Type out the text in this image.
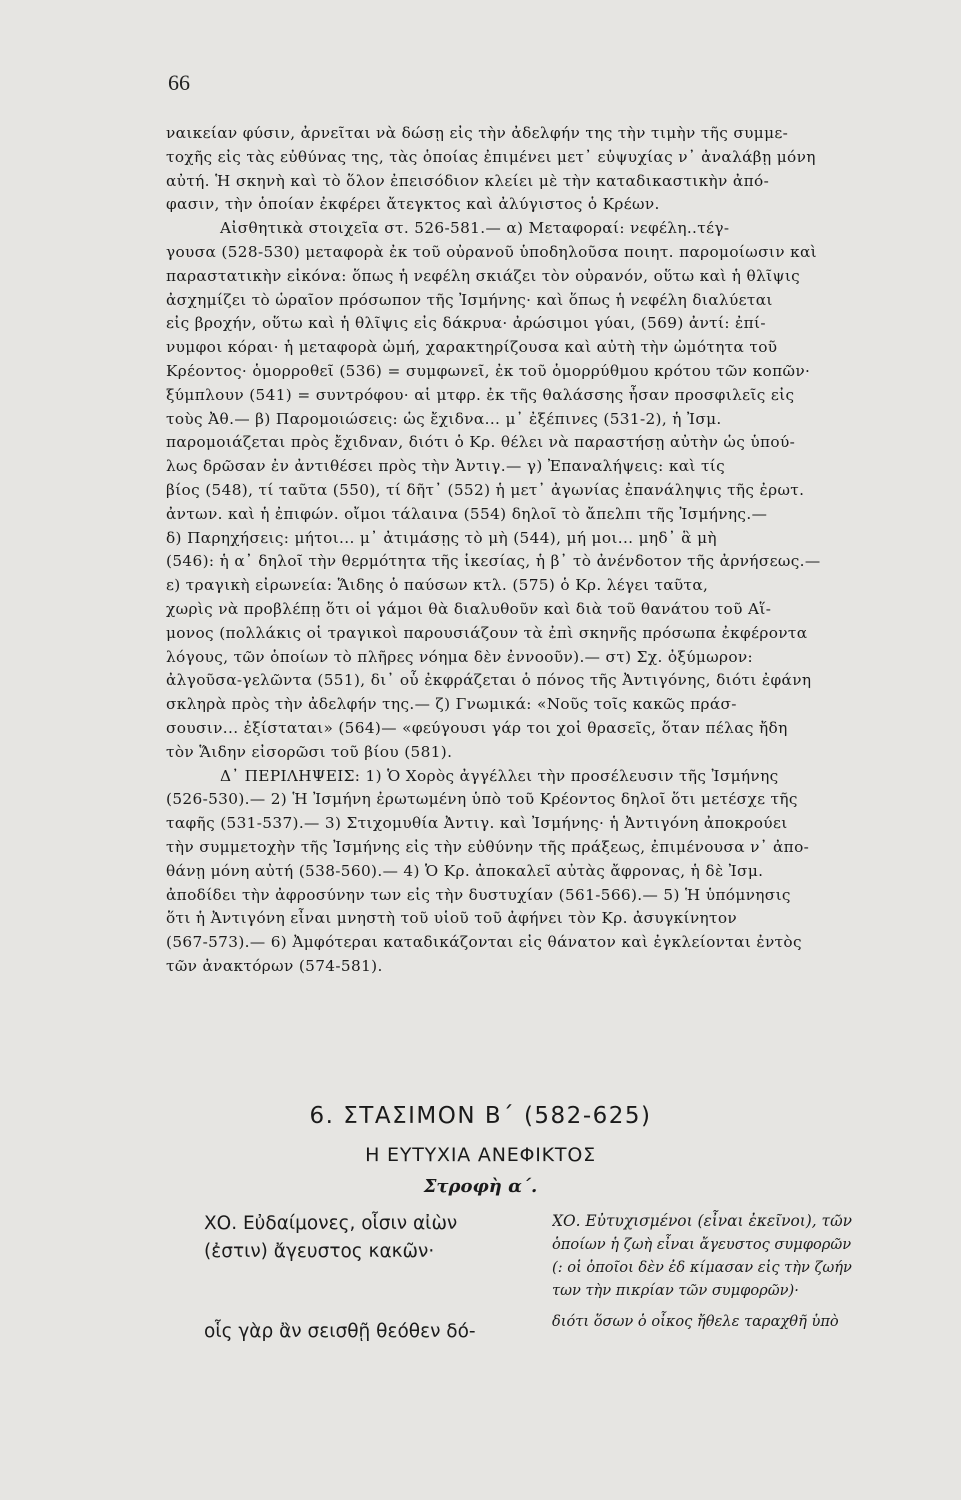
66
ναικείαν φύσιν, ἀρνεῖται νὰ δώσῃ εἰς τὴν ἀδελφήν της τὴν τιμὴν τῆς συμμε-
τοχῆς εἰς τὰς εὐθύνας της, τὰς ὁποίας ἐπιμένει μετ᾽ εὐψυχίας ν᾽ ἀναλάβῃ μόνη
αὐτή. Ἡ σκηνὴ καὶ τὸ ὅλον ἐπεισόδιον κλείει μὲ τὴν καταδικαστικὴν ἀπό-
φασιν, τὴν ὁποίαν ἐκφέρει ἄτεγκτος καὶ ἀλύγιστος ὁ Κρέων.
Αἰσθητικὰ στοιχεῖα στ. 526-581.— α) Μεταφοραί: νεφέλη..τέγ-
γουσα (528-530) μεταφορὰ ἐκ τοῦ οὐρανοῦ ὑποδηλοῦσα ποιητ. παρομοίωσιν καὶ
παραστατικὴν εἰκόνα: ὅπως ἡ νεφέλη σκιάζει τὸν οὐρανόν, οὕτω καὶ ἡ θλῖψις
ἀσχημίζει τὸ ὡραῖον πρόσωπον τῆς Ἰσμήνης· καὶ ὅπως ἡ νεφέλη διαλύεται
εἰς βροχήν, οὕτω καὶ ἡ θλῖψις εἰς δάκρυα· ἀρώσιμοι γύαι, (569) ἀντί: ἐπί-
νυμφοι κόραι· ἡ μεταφορὰ ὠμή, χαρακτηρίζουσα καὶ αὐτὴ τὴν ὠμότητα τοῦ
Κρέοντος· ὁμορροθεῖ (536) = συμφωνεῖ, ἐκ τοῦ ὁμορρύθμου κρότου τῶν κοπῶν·
ξύμπλουν (541) = συντρόφου· αἱ μτφρ. ἐκ τῆς θαλάσσης ἦσαν προσφιλεῖς εἰς
τοὺς Ἀθ.— β) Παρομοιώσεις: ὡς ἔχιδνα... μ᾽ ἐξέπινες (531-2), ἡ Ἰσμ.
παρομοιάζεται πρὸς ἔχιδναν, διότι ὁ Κρ. θέλει νὰ παραστήσῃ αὐτὴν ὡς ὑπού-
λως δρῶσαν ἐν ἀντιθέσει πρὸς τὴν Ἀντιγ.— γ) Ἐπαναλήψεις: καὶ τίς
βίος (548), τί ταῦτα (550), τί δῆτ᾽ (552) ἡ μετ᾽ ἀγωνίας ἐπανάληψις τῆς ἐρωτ.
ἀντων. καὶ ἡ ἐπιφών. οἴμοι τάλαινα (554) δηλοῖ τὸ ἄπελπι τῆς Ἰσμήνης.—
δ) Παρηχήσεις: μήτοι... μ᾽ ἀτιμάσῃς τὸ μὴ (544), μή μοι... μηδ᾽ ἃ μὴ
(546): ἡ α᾽ δηλοῖ τὴν θερμότητα τῆς ἱκεσίας, ἡ β᾽ τὸ ἀνένδοτον τῆς ἀρνήσεως.—
ε) τραγικὴ εἰρωνεία: Ἅιδης ὁ παύσων κτλ. (575) ὁ Κρ. λέγει ταῦτα,
χωρὶς νὰ προβλέπῃ ὅτι οἱ γάμοι θὰ διαλυθοῦν καὶ διὰ τοῦ θανάτου τοῦ Αἵ-
μονος (πολλάκις οἱ τραγικοὶ παρουσιάζουν τὰ ἐπὶ σκηνῆς πρόσωπα ἐκφέροντα
λόγους, τῶν ὁποίων τὸ πλῆρες νόημα δὲν ἐννοοῦν).— στ) Σχ. ὀξύμωρον:
ἀλγοῦσα-γελῶντα (551), δι᾽ οὗ ἐκφράζεται ὁ πόνος τῆς Ἀντιγόνης, διότι ἐφάνη
σκληρὰ πρὸς τὴν ἀδελφήν της.— ζ) Γνωμικά: «Νοῦς τοῖς κακῶς πράσ-
σουσιν... ἐξίσταται» (564)— «φεύγουσι γάρ τοι χοἱ θρασεῖς, ὅταν πέλας ἤδη
τὸν Ἅιδην εἰσορῶσι τοῦ βίου (581).
Δ᾽ ΠΕΡΙΛΗΨΕΙΣ: 1) Ὁ Χορὸς ἀγγέλλει τὴν προσέλευσιν τῆς Ἰσμήνης
(526-530).— 2) Ἡ Ἰσμήνη ἐρωτωμένη ὑπὸ τοῦ Κρέοντος δηλοῖ ὅτι μετέσχε τῆς
ταφῆς (531-537).— 3) Στιχομυθία Ἀντιγ. καὶ Ἰσμήνης· ἡ Ἀντιγόνη ἀποκρούει
τὴν συμμετοχὴν τῆς Ἰσμήνης εἰς τὴν εὐθύνην τῆς πράξεως, ἐπιμένουσα ν᾽ ἀπο-
θάνῃ μόνη αὐτή (538-560).— 4) Ὁ Κρ. ἀποκαλεῖ αὐτὰς ἄφρονας, ἡ δὲ Ἰσμ.
ἀποδίδει τὴν ἀφροσύνην των εἰς τὴν δυστυχίαν (561-566).— 5) Ἡ ὑπόμνησις
ὅτι ἡ Ἀντιγόνη εἶναι μνηστὴ τοῦ υἱοῦ τοῦ ἀφήνει τὸν Κρ. ἀσυγκίνητον
(567-573).— 6) Ἀμφότεραι καταδικάζονται εἰς θάνατον καὶ ἐγκλείονται ἐντὸς
τῶν ἀνακτόρων (574-581).
6. ΣΤΑΣΙΜΟΝ Β΄ (582-625)
Η ΕΥΤΥΧΙΑ ΑΝΕΦΙΚΤΟΣ
Στροφὴ α΄.
ΧΟ. Εὐδαίμονες, οἷσιν αἰὼν
(ἐστιν) ἄγευστος κακῶν·
οἷς γὰρ ἂν σεισθῇ θεόθεν δό-
ΧΟ. Εὐτυχισμένοι (εἶναι ἐκεῖνοι), τῶν
ὁποίων ἡ ζωὴ εἶναι ἄγευστος συμφορῶν
(: οἱ ὁποῖοι δὲν ἐδ κίμασαν εἰς τὴν ζωήν
των τὴν πικρίαν τῶν συμφορῶν)·
διότι ὅσων ὁ οἶκος ἤθελε ταραχθῆ ὑπὸ
